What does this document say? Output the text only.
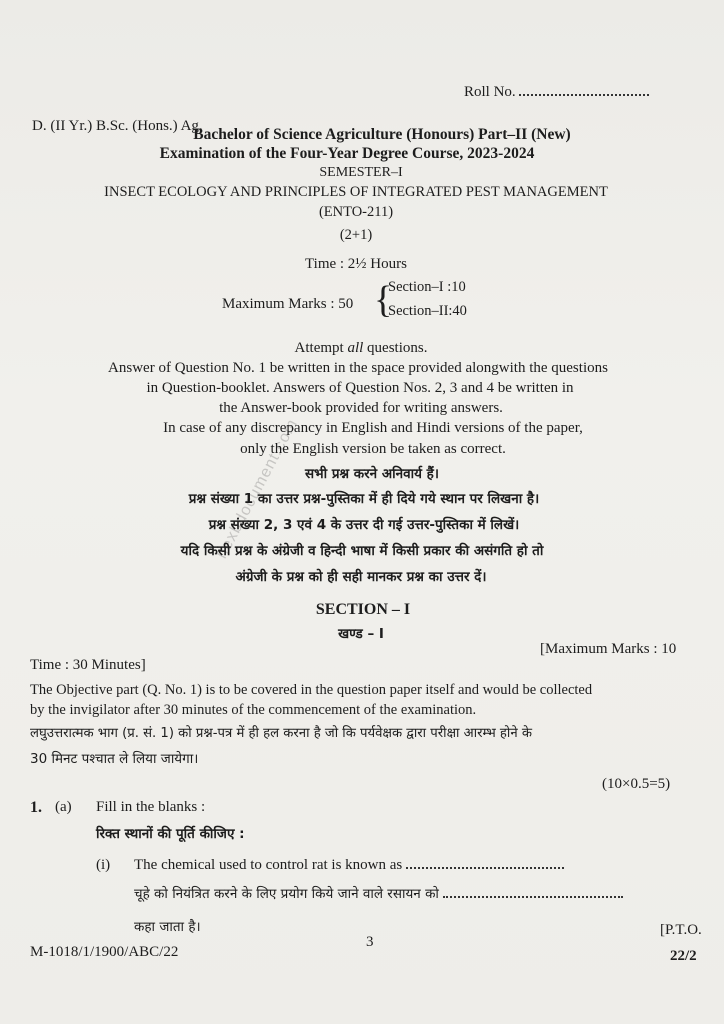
hexbdocument.com
Roll No.
D. (II Yr.) B.Sc. (Hons.) Ag.
Bachelor of Science Agriculture (Honours) Part–II (New)
Examination of the Four-Year Degree Course, 2023-2024
SEMESTER–I
INSECT ECOLOGY AND PRINCIPLES OF INTEGRATED PEST MANAGEMENT
(ENTO-211)
(2+1)
Time : 2½ Hours
Maximum Marks : 50 {
Section–I :10
Section–II:40
Attempt all questions.
Answer of Question No. 1 be written in the space provided alongwith the questions
in Question-booklet. Answers of Question Nos. 2, 3 and 4 be written in
the Answer-book provided for writing answers.
In case of any discrepancy in English and Hindi versions of the paper,
only the English version be taken as correct.
सभी प्रश्न करने अनिवार्य हैं।
प्रश्न संख्या 1 का उत्तर प्रश्न-पुस्तिका में ही दिये गये स्थान पर लिखना है।
प्रश्न संख्या 2, 3 एवं 4 के उत्तर दी गई उत्तर-पुस्तिका में लिखें।
यदि किसी प्रश्न के अंग्रेजी व हिन्दी भाषा में किसी प्रकार की असंगति हो तो
अंग्रेजी के प्रश्न को ही सही मानकर प्रश्न का उत्तर दें।
SECTION – I
खण्ड – I
Time : 30 Minutes]
[Maximum Marks : 10
The Objective part (Q. No. 1) is to be covered in the question paper itself and would be collected
by the invigilator after 30 minutes of the commencement of the examination.
लघुउत्तरात्मक भाग (प्र. सं. 1) को प्रश्न-पत्र में ही हल करना है जो कि पर्यवेक्षक द्वारा परीक्षा आरम्भ होने के
30 मिनट पश्चात ले लिया जायेगा।
(10×0.5=5)
1. (a) Fill in the blanks :
रिक्त स्थानों की पूर्ति कीजिए :
(i) The chemical used to control rat is known as
चूहे को नियंत्रित करने के लिए प्रयोग किये जाने वाले रसायन को
कहा जाता है।
M-1018/1/1900/ABC/22
3
[P.T.O.
22/2
